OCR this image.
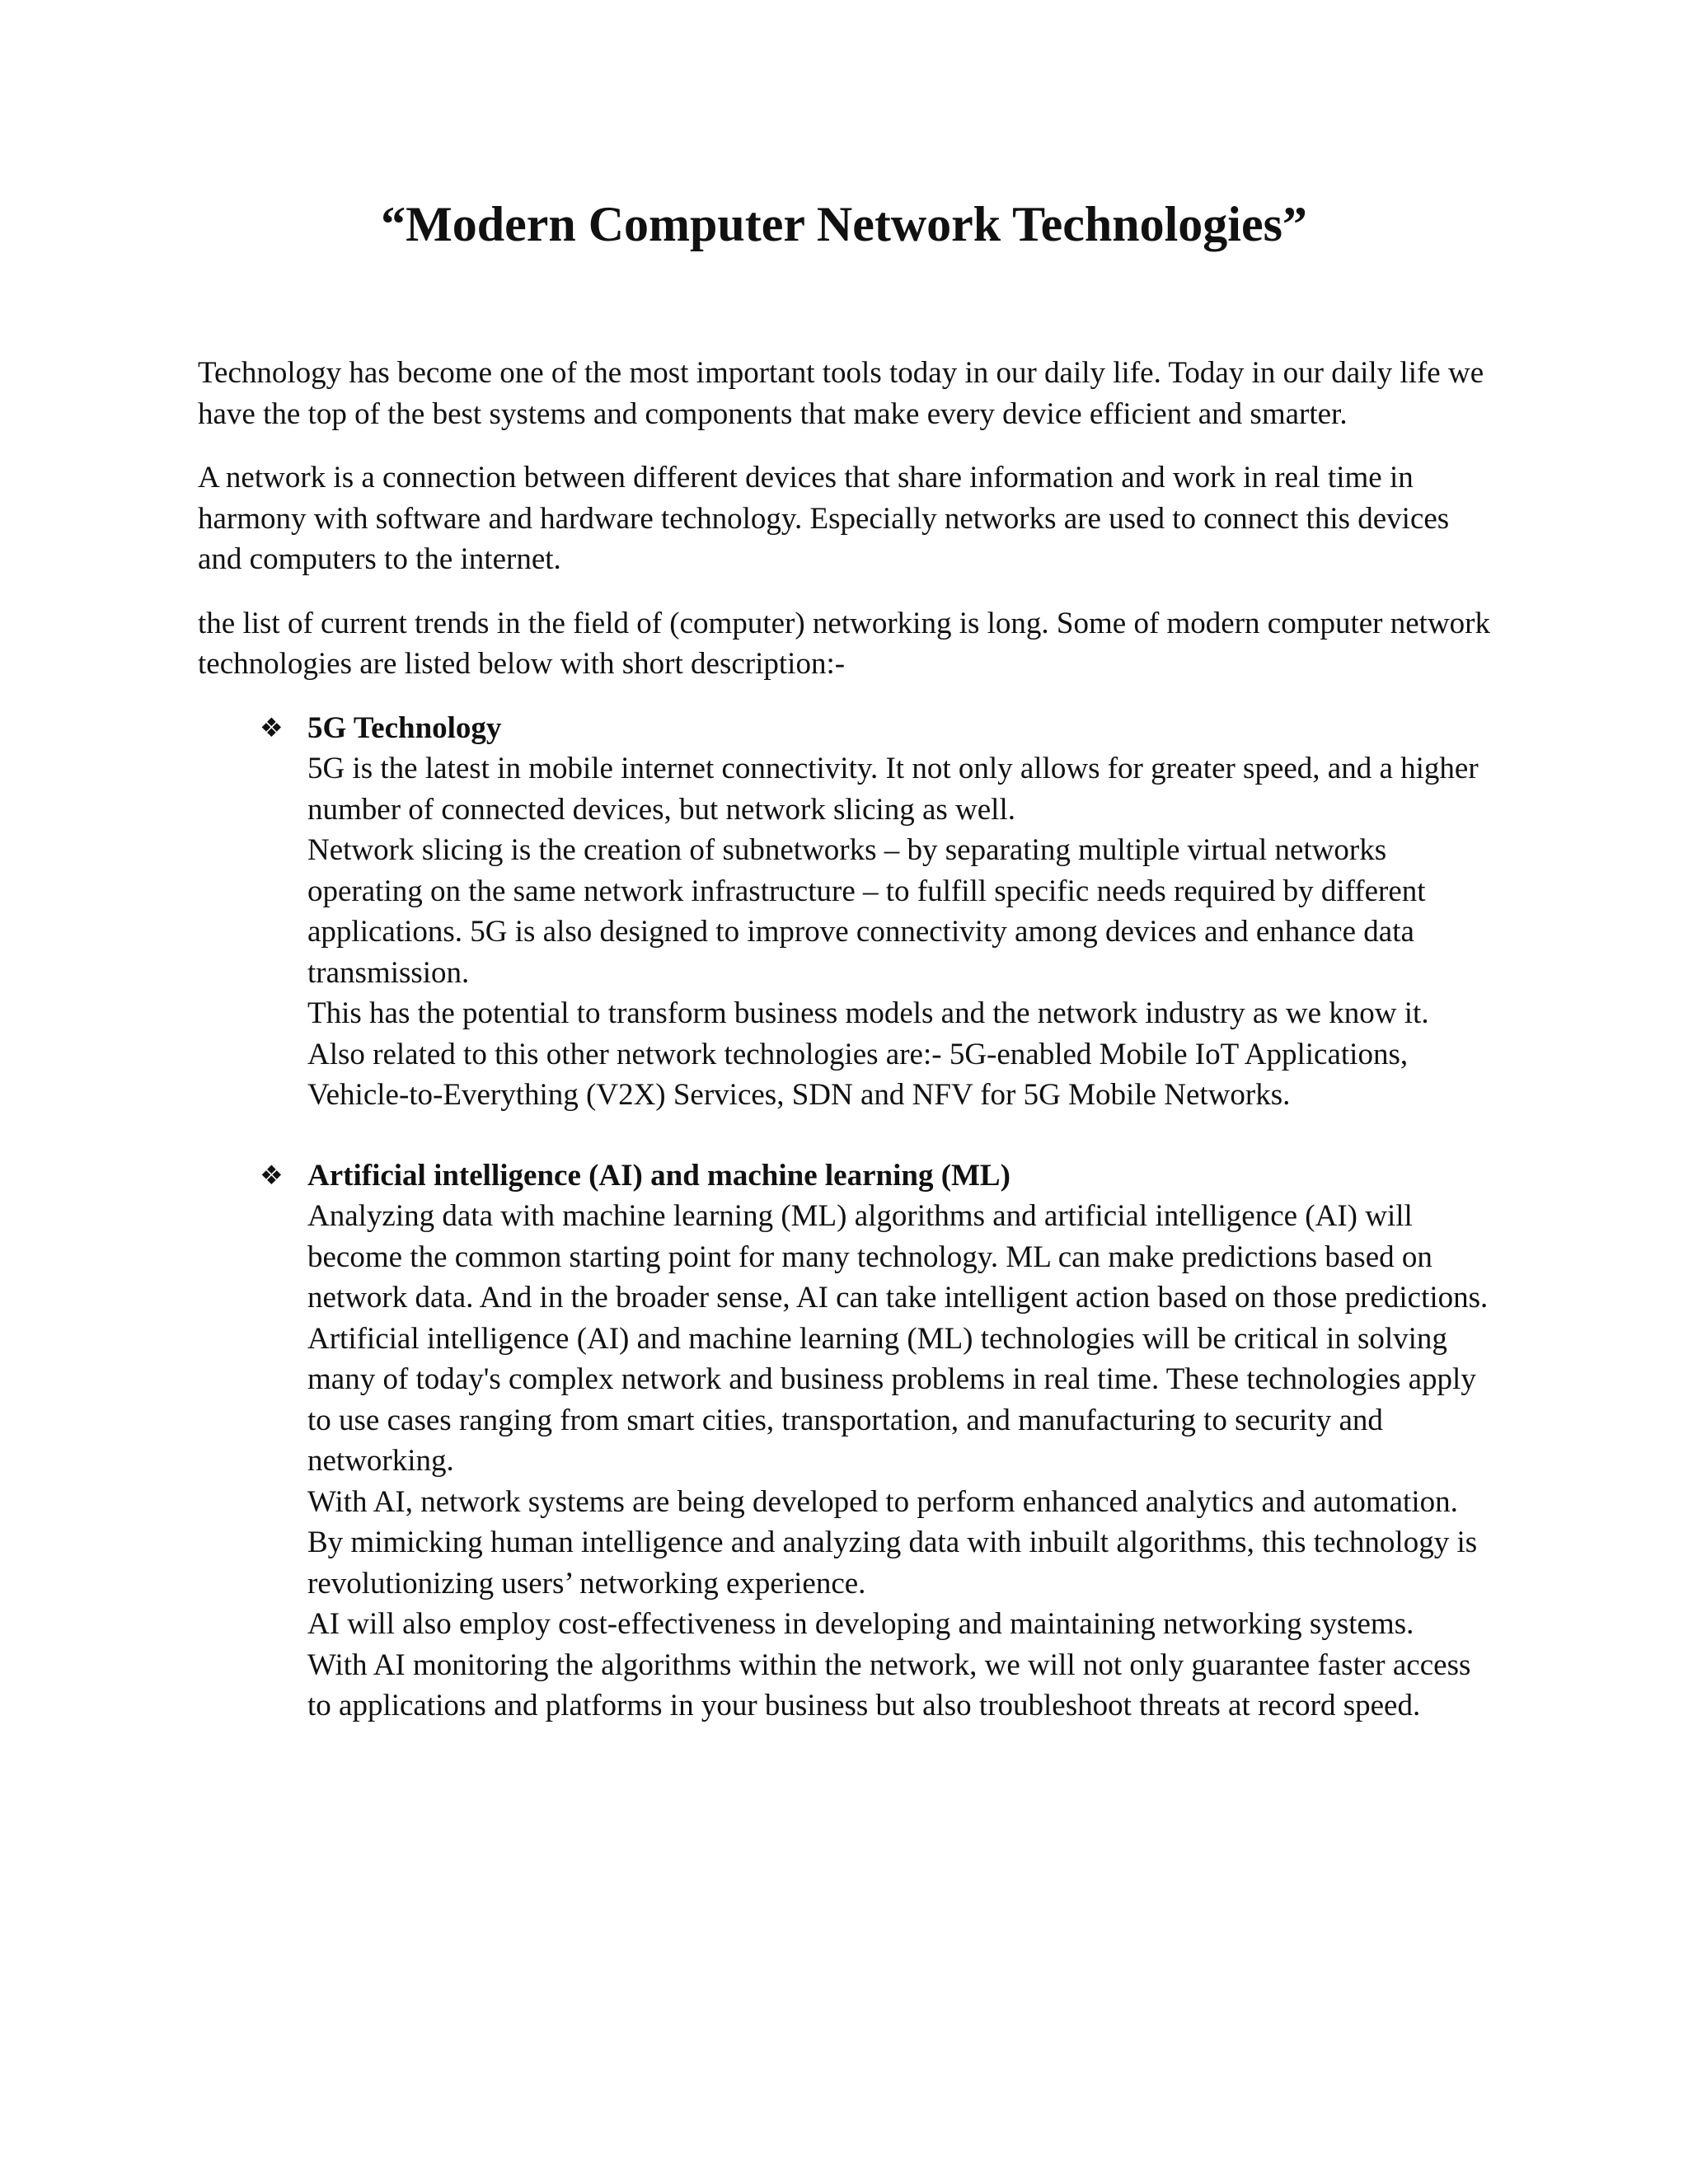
“Modern Computer Network Technologies”

Technology has become one of the most important tools today in our daily life. Today in our daily life we have the top of the best systems and components that make every device efficient and smarter.

A network is a connection between different devices that share information and work in real time in harmony with software and hardware technology. Especially networks are used to connect this devices and computers to the internet.

the list of current trends in the field of (computer) networking is long. Some of modern computer network technologies are listed below with short description:-

❖ 5G Technology
5G is the latest in mobile internet connectivity. It not only allows for greater speed, and a higher number of connected devices, but network slicing as well.
Network slicing is the creation of subnetworks – by separating multiple virtual networks operating on the same network infrastructure – to fulfill specific needs required by different applications. 5G is also designed to improve connectivity among devices and enhance data transmission.
This has the potential to transform business models and the network industry as we know it.
Also related to this other network technologies are:- 5G-enabled Mobile IoT Applications, Vehicle-to-Everything (V2X) Services, SDN and NFV for 5G Mobile Networks.
❖ Artificial intelligence (AI) and machine learning (ML)
Analyzing data with machine learning (ML) algorithms and artificial intelligence (AI) will become the common starting point for many technology. ML can make predictions based on network data. And in the broader sense, AI can take intelligent action based on those predictions.
Artificial intelligence (AI) and machine learning (ML) technologies will be critical in solving many of today's complex network and business problems in real time. These technologies apply to use cases ranging from smart cities, transportation, and manufacturing to security and networking.
With AI, network systems are being developed to perform enhanced analytics and automation. By mimicking human intelligence and analyzing data with inbuilt algorithms, this technology is revolutionizing users’ networking experience.
AI will also employ cost-effectiveness in developing and maintaining networking systems.
With AI monitoring the algorithms within the network, we will not only guarantee faster access to applications and platforms in your business but also troubleshoot threats at record speed.
